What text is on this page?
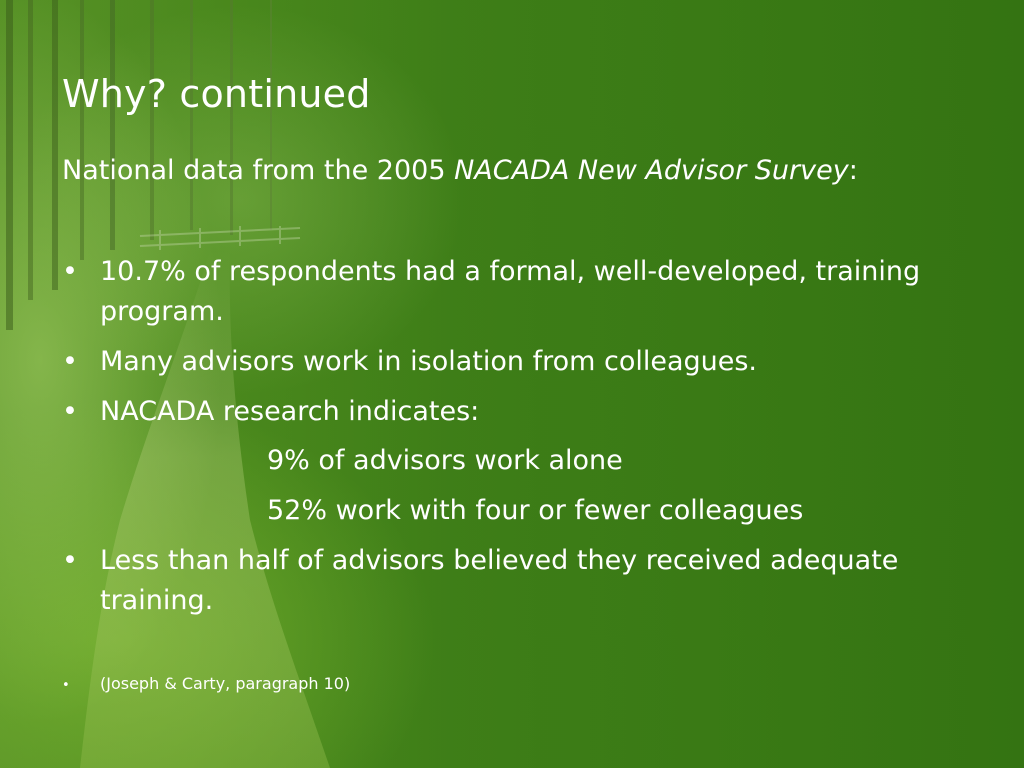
Why? continued

National data from the 2005 NACADA New Advisor Survey:

• 10.7% of respondents had a formal, well-developed, training program.
• Many advisors work in isolation from colleagues.
• NACADA research indicates:
9% of advisors work alone
52% work with four or fewer colleagues
• Less than half of advisors believed they received adequate training.
• (Joseph & Carty, paragraph 10)
